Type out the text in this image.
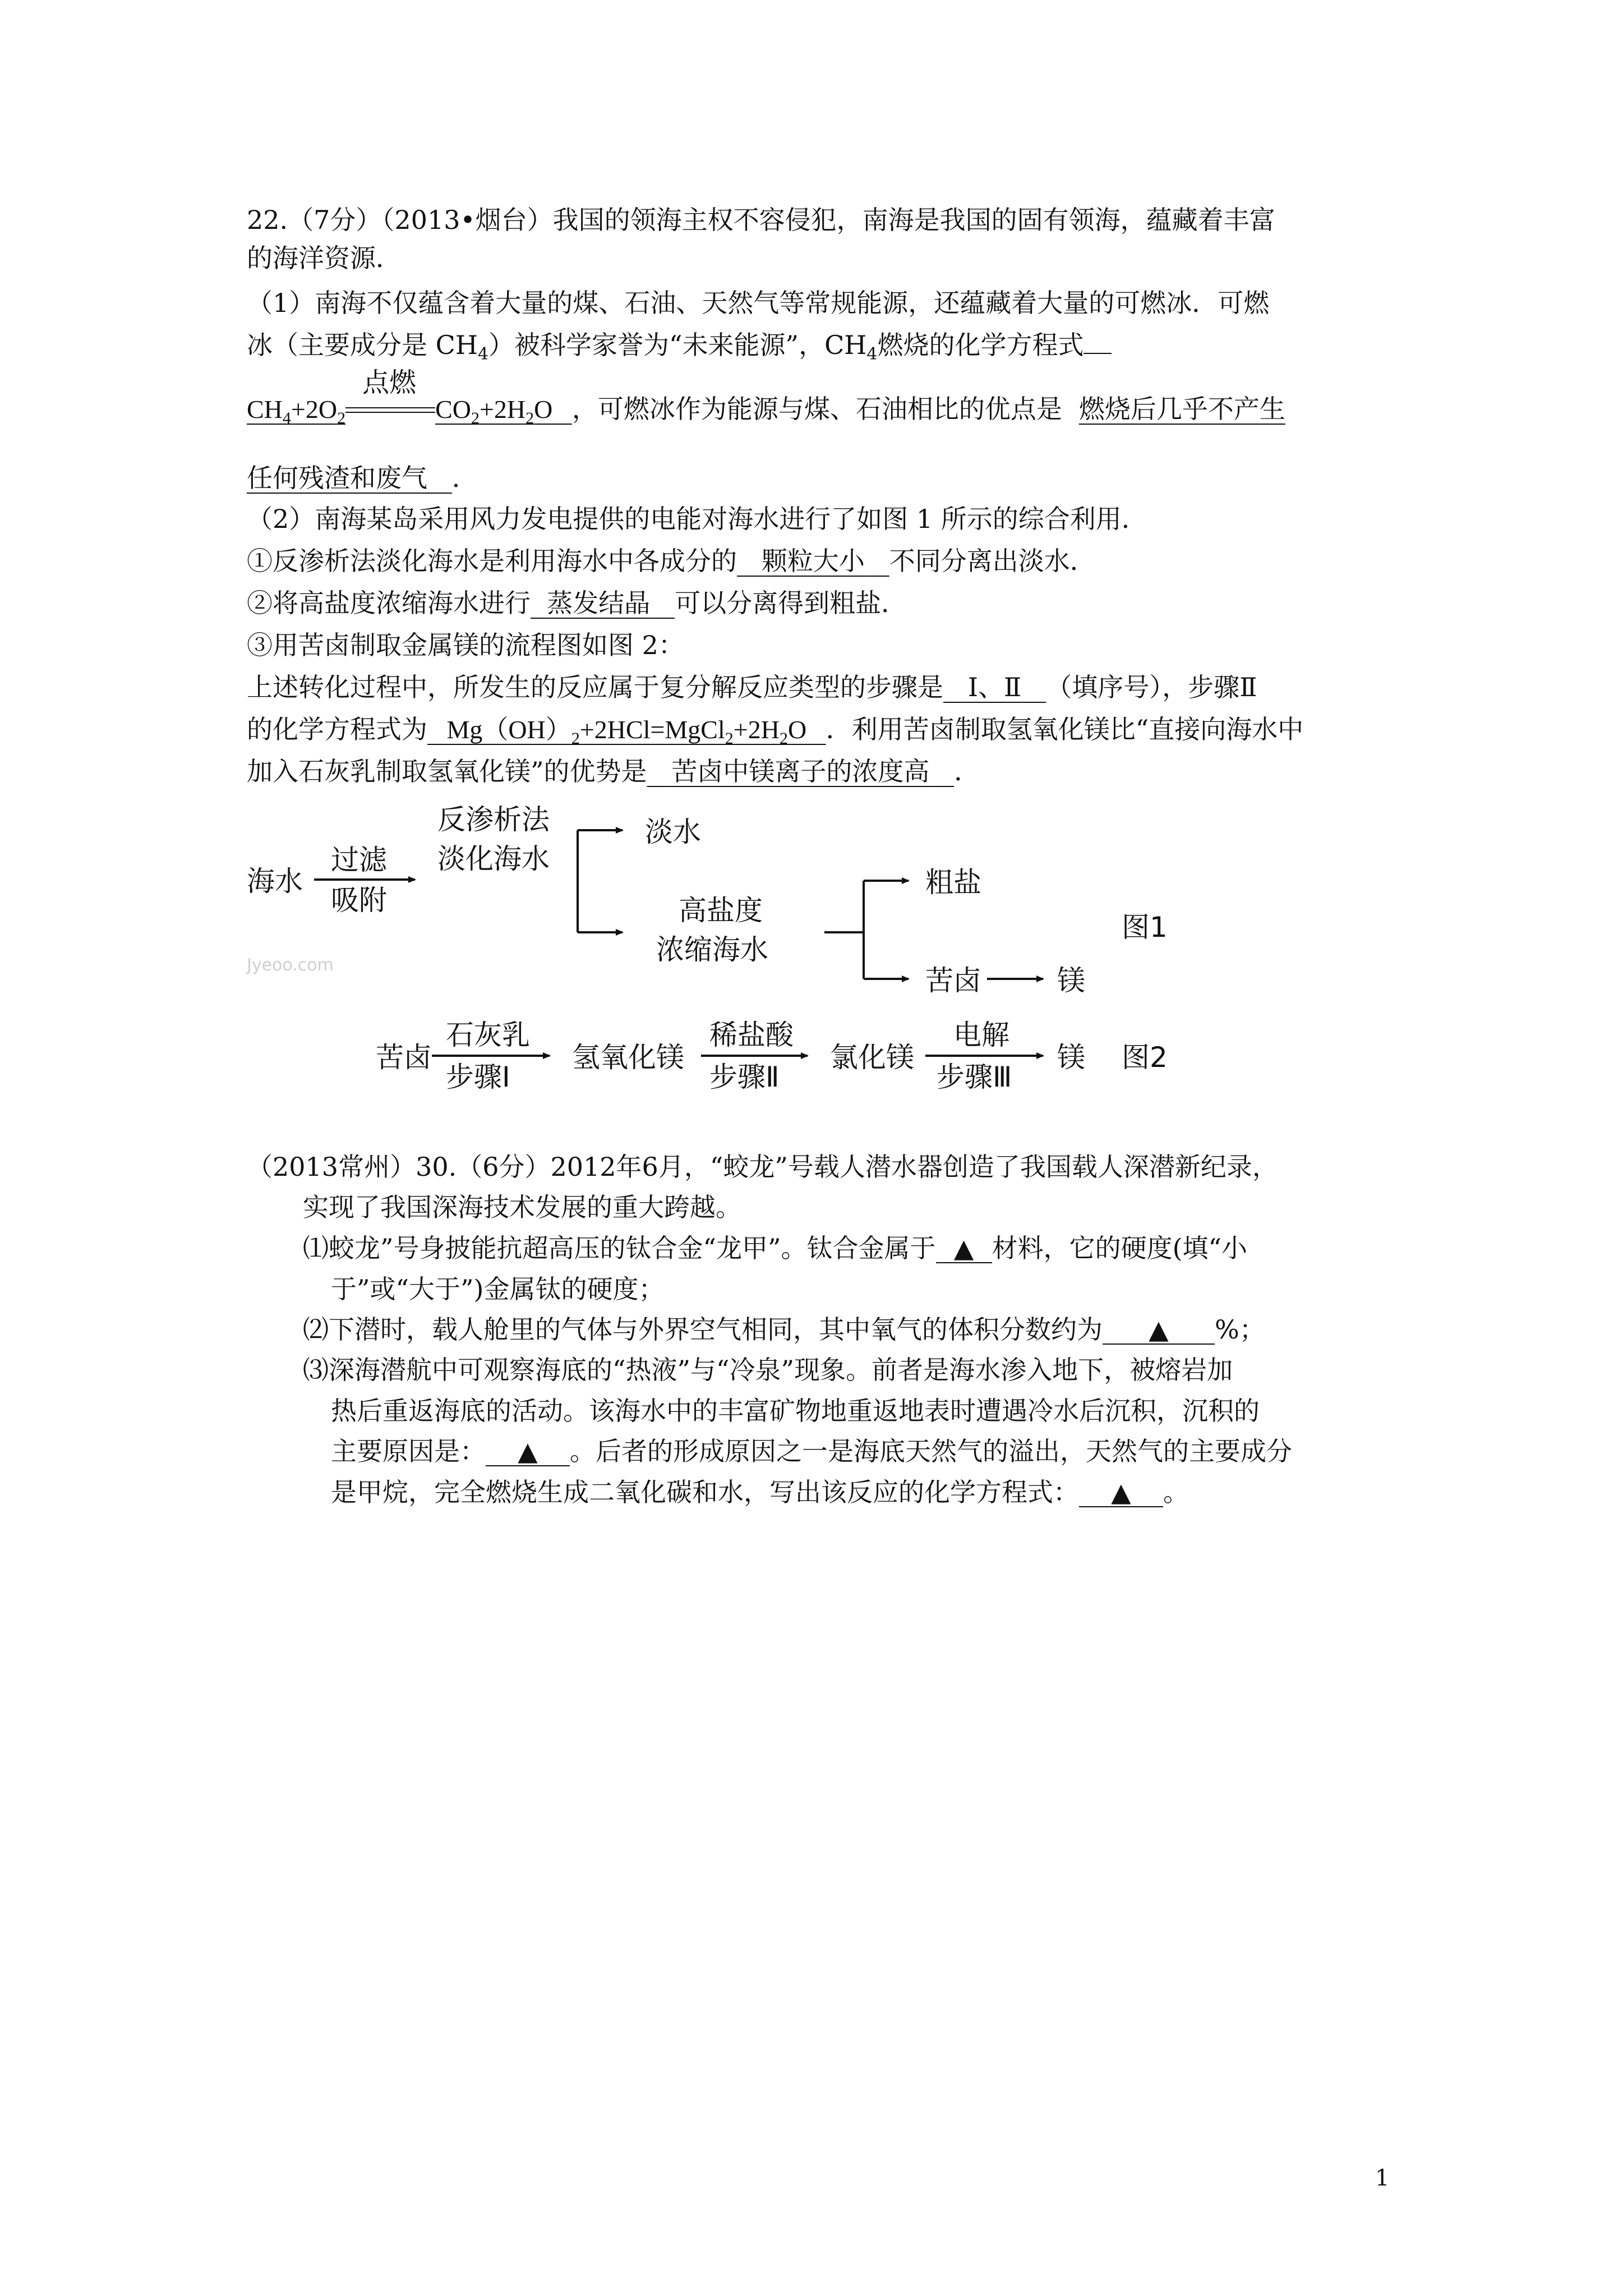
22.（7分）（2013•烟台）我国的领海主权不容侵犯，南海是我国的固有领海，蕴藏着丰富
的海洋资源．
（1）南海不仅蕴含着大量的煤、石油、天然气等常规能源，还蕴藏着大量的可燃冰．可燃
冰（主要成分是 $CH_4$）被科学家誉为“未来能源”，$CH_4$燃烧的化学方程式
$CH_4+2O_2$
点燃
$CO_2+2H_2O$   ，可燃冰作为能源与煤、石油相比的优点是 燃烧后几乎不产生
任何残渣和废气 ．
（2）南海某岛采用风力发电提供的电能对海水进行了如图 1 所示的综合利用．
①反渗析法淡化海水是利用海水中各成分的 颗粒大小 不同分离出淡水．
②将高盐度浓缩海水进行 蒸发结晶 可以分离得到粗盐．
③用苦卤制取金属镁的流程图如图 2：
上述转化过程中，所发生的反应属于复分解反应类型的步骤是 Ⅰ、Ⅱ （填序号），步骤Ⅱ
的化学方程式为   $Mg(OH)_2+2HCl=MgCl_2+2H_2O$   ．利用苦卤制取氢氧化镁比“直接向海水中
加入石灰乳制取氢氧化镁”的优势是 苦卤中镁离子的浓度高 ．
海水
过滤
吸附
反渗析法
淡化海水
淡水
高盐度
浓缩海水
粗盐
苦卤	镁
图1
Jyeoo.com
苦卤
石灰乳
步骤Ⅰ
氢氧化镁
稀盐酸
步骤Ⅱ
氯化镁
电解
步骤Ⅲ
镁 图2
（2013常州）30.（6分）2012年6月，“蛟龙”号载人潜水器创造了我国载人深潜新纪录，
实现了我国深海技术发展的重大跨越。
⑴蛟龙”号身披能抗超高压的钛合金“龙甲”。钛合金属于 ▲ 材料，它的硬度(填“小
于”或“大于”)金属钛的硬度；
⑵下潜时，载人舱里的气体与外界空气相同，其中氧气的体积分数约为 ▲ %；
⑶深海潜航中可观察海底的“热液”与“冷泉”现象。前者是海水渗入地下，被熔岩加
热后重返海底的活动。该海水中的丰富矿物地重返地表时遭遇冷水后沉积，沉积的
主要原因是： ▲ 。后者的形成原因之一是海底天然气的溢出，天然气的主要成分
是甲烷，完全燃烧生成二氧化碳和水，写出该反应的化学方程式： ▲ 。
1
